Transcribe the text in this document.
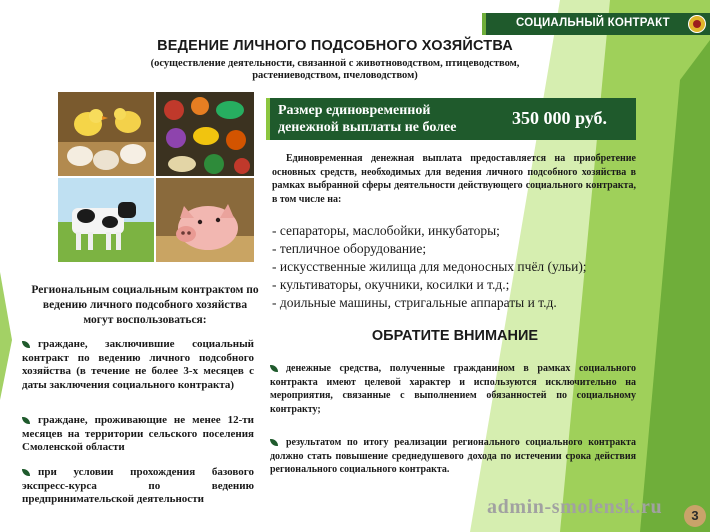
СОЦИАЛЬНЫЙ КОНТРАКТ
ВЕДЕНИЕ ЛИЧНОГО ПОДСОБНОГО ХОЗЯЙСТВА
(осуществление деятельности, связанной с животноводством, птицеводством, растениеводством, пчеловодством)
Размер единовременной денежной выплаты не более	350 000 руб.
Единовременная денежная выплата предоставляется на приобретение основных средств, необходимых для ведения личного подсобного хозяйства в рамках выбранной сферы деятельности действующего социального контракта, в том числе на:
- сепараторы, маслобойки, инкубаторы;
- тепличное оборудование;
- искусственные жилища для медоносных пчёл (ульи);
- культиваторы, окучники, косилки и т.д.;
- доильные машины, стригальные аппараты и т.д.
ОБРАТИТЕ ВНИМАНИЕ
денежные средства, полученные гражданином в рамках социального контракта имеют целевой характер и используются исключительно на мероприятия, связанные с выполнением обязанностей по социальному контракту;
результатом по итогу реализации регионального социального контракта должно стать повышение среднедушевого дохода по истечении срока действия регионального социального контракта.
Региональным социальным контрактом по ведению личного подсобного хозяйства могут воспользоваться:
граждане, заключившие социальный контракт по ведению личного подсобного хозяйства (в течение не более 3-х месяцев с даты заключения социального контракта)
граждане, проживающие не менее 12-ти месяцев на территории сельского поселения Смоленской области
при условии прохождения базового экспресс-курса по ведению предпринимательской деятельности	admin-smolensk.ru	3
